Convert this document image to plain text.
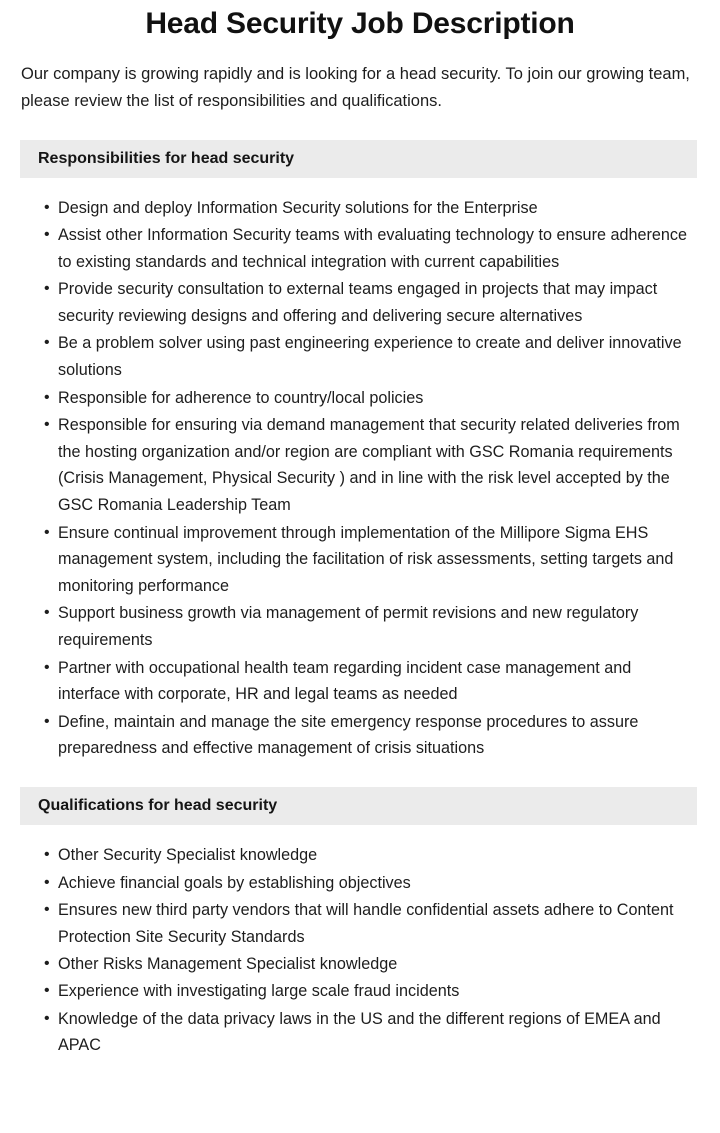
Head Security Job Description

Our company is growing rapidly and is looking for a head security. To join our growing team, please review the list of responsibilities and qualifications.

Responsibilities for head security
• Design and deploy Information Security solutions for the Enterprise
• Assist other Information Security teams with evaluating technology to ensure adherence to existing standards and technical integration with current capabilities
• Provide security consultation to external teams engaged in projects that may impact security reviewing designs and offering and delivering secure alternatives
• Be a problem solver using past engineering experience to create and deliver innovative solutions
• Responsible for adherence to country/local policies
• Responsible for ensuring via demand management that security related deliveries from the hosting organization and/or region are compliant with GSC Romania requirements (Crisis Management, Physical Security ) and in line with the risk level accepted by the GSC Romania Leadership Team
• Ensure continual improvement through implementation of the Millipore Sigma EHS management system, including the facilitation of risk assessments, setting targets and monitoring performance
• Support business growth via management of permit revisions and new regulatory requirements
• Partner with occupational health team regarding incident case management and interface with corporate, HR and legal teams as needed
• Define, maintain and manage the site emergency response procedures to assure preparedness and effective management of crisis situations
Qualifications for head security
• Other Security Specialist knowledge
• Achieve financial goals by establishing objectives
• Ensures new third party vendors that will handle confidential assets adhere to Content Protection Site Security Standards
• Other Risks Management Specialist knowledge
• Experience with investigating large scale fraud incidents
• Knowledge of the data privacy laws in the US and the different regions of EMEA and APAC
